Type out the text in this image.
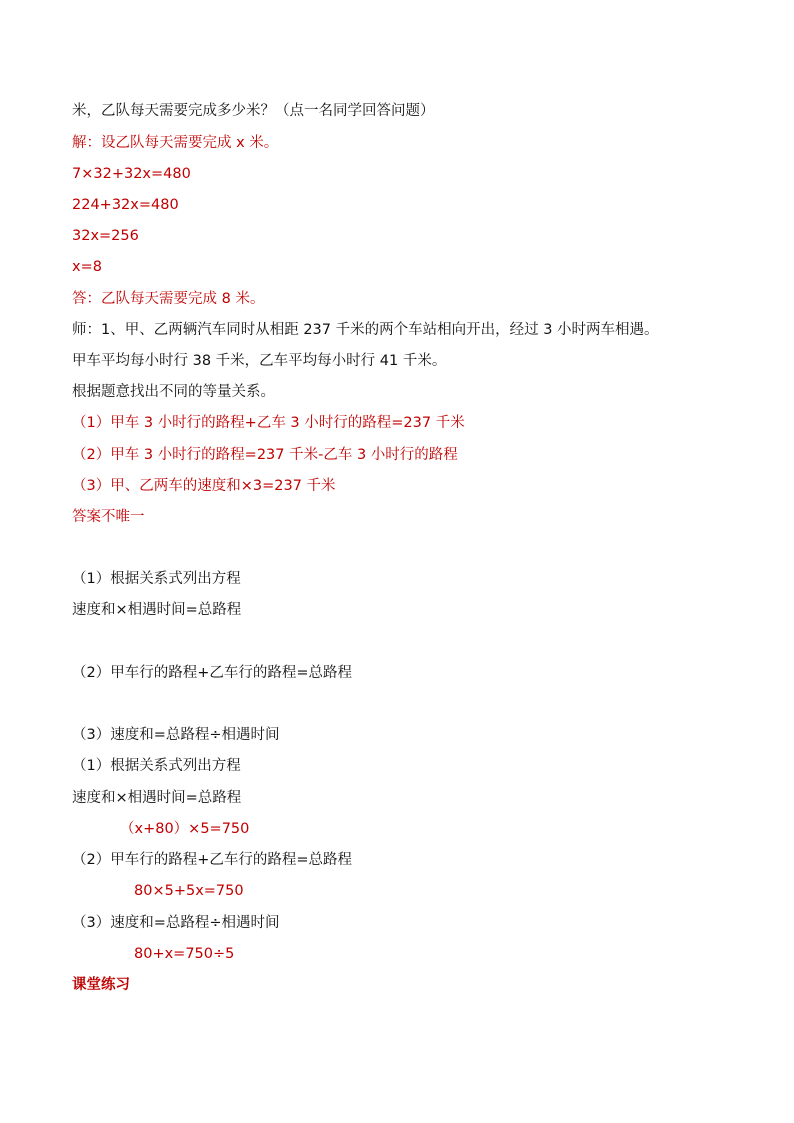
米，乙队每天需要完成多少米？（点一名同学回答问题）
解：设乙队每天需要完成 x 米。
7×32+32x=480
224+32x=480
32x=256
x=8
答：乙队每天需要完成 8 米。
师：1、甲、乙两辆汽车同时从相距 237 千米的两个车站相向开出，经过 3 小时两车相遇。
甲车平均每小时行 38 千米，乙车平均每小时行 41 千米。
根据题意找出不同的等量关系。
（1）甲车 3 小时行的路程+乙车 3 小时行的路程=237 千米
（2）甲车 3 小时行的路程=237 千米-乙车 3 小时行的路程
（3）甲、乙两车的速度和×3=237 千米
答案不唯一
（1）根据关系式列出方程
速度和×相遇时间=总路程
（2）甲车行的路程+乙车行的路程=总路程
（3）速度和=总路程÷相遇时间
（1）根据关系式列出方程
速度和×相遇时间=总路程
（x+80）×5=750
（2）甲车行的路程+乙车行的路程=总路程
80×5+5x=750
（3）速度和=总路程÷相遇时间
80+x=750÷5
课堂练习
